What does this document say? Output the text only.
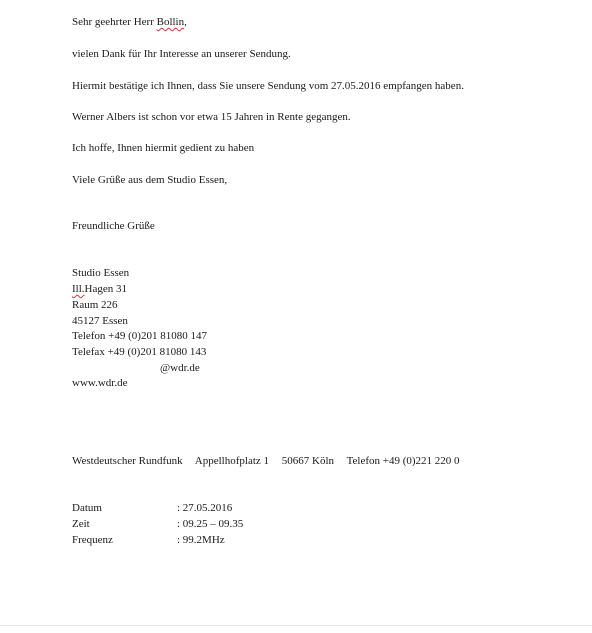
Sehr geehrter Herr Bollin,
vielen Dank für Ihr Interesse an unserer Sendung.
Hiermit bestätige ich Ihnen, dass Sie unsere Sendung vom 27.05.2016 empfangen haben.
Werner Albers ist schon vor etwa 15 Jahren in Rente gegangen.
Ich hoffe, Ihnen hiermit gedient zu haben
Viele Grüße aus dem Studio Essen,
Freundliche Grüße
Studio Essen
Ill.Hagen 31
Raum 226
45127 Essen
Telefon +49 (0)201 81080 147
Telefax +49 (0)201 81080 143
@wdr.de
www.wdr.de
Westdeutscher Rundfunk Appellhofplatz 1 50667 Köln Telefon +49 (0)221 220 0
Datum	: 27.05.2016
Zeit	: 09.25 – 09.35
Frequenz	: 99.2MHz
